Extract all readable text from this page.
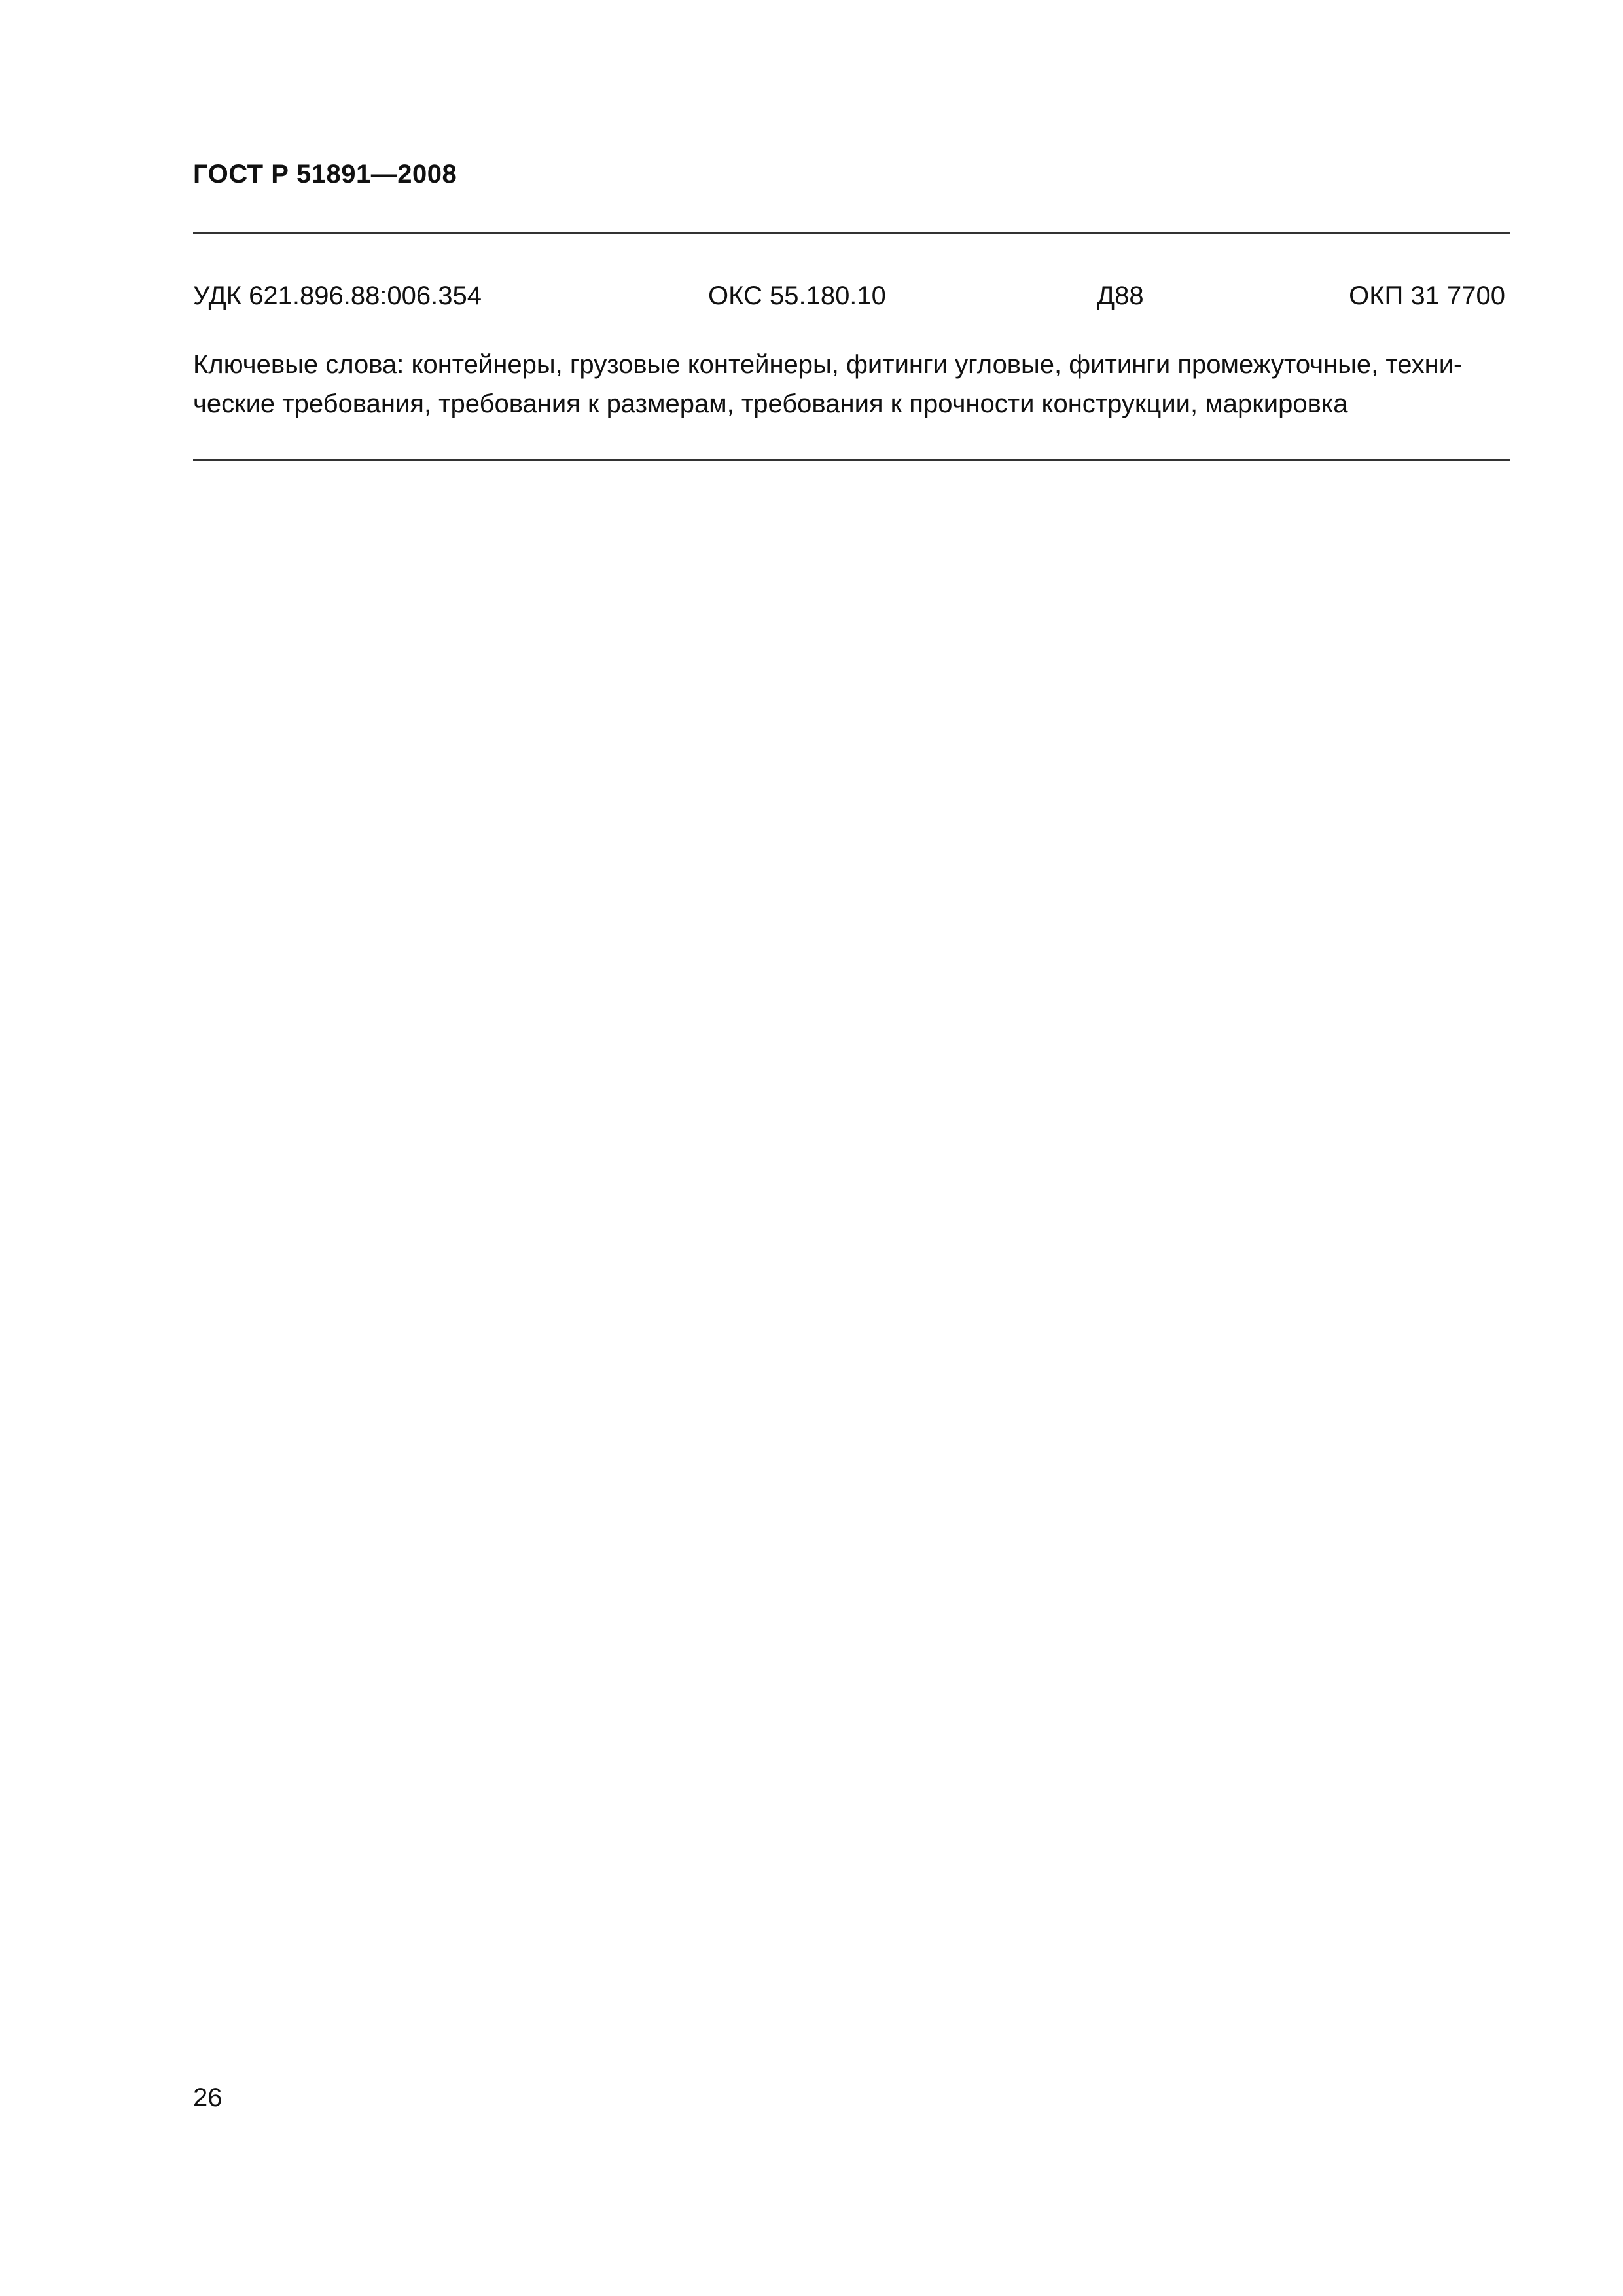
ГОСТ Р 51891—2008
УДК 621.896.88:006.354	ОКС 55.180.10	Д88	ОКП 31 7700
Ключевые слова: контейнеры, грузовые контейнеры, фитинги угловые, фитинги промежуточные, техни-
ческие требования, требования к размерам, требования к прочности конструкции, маркировка
26
